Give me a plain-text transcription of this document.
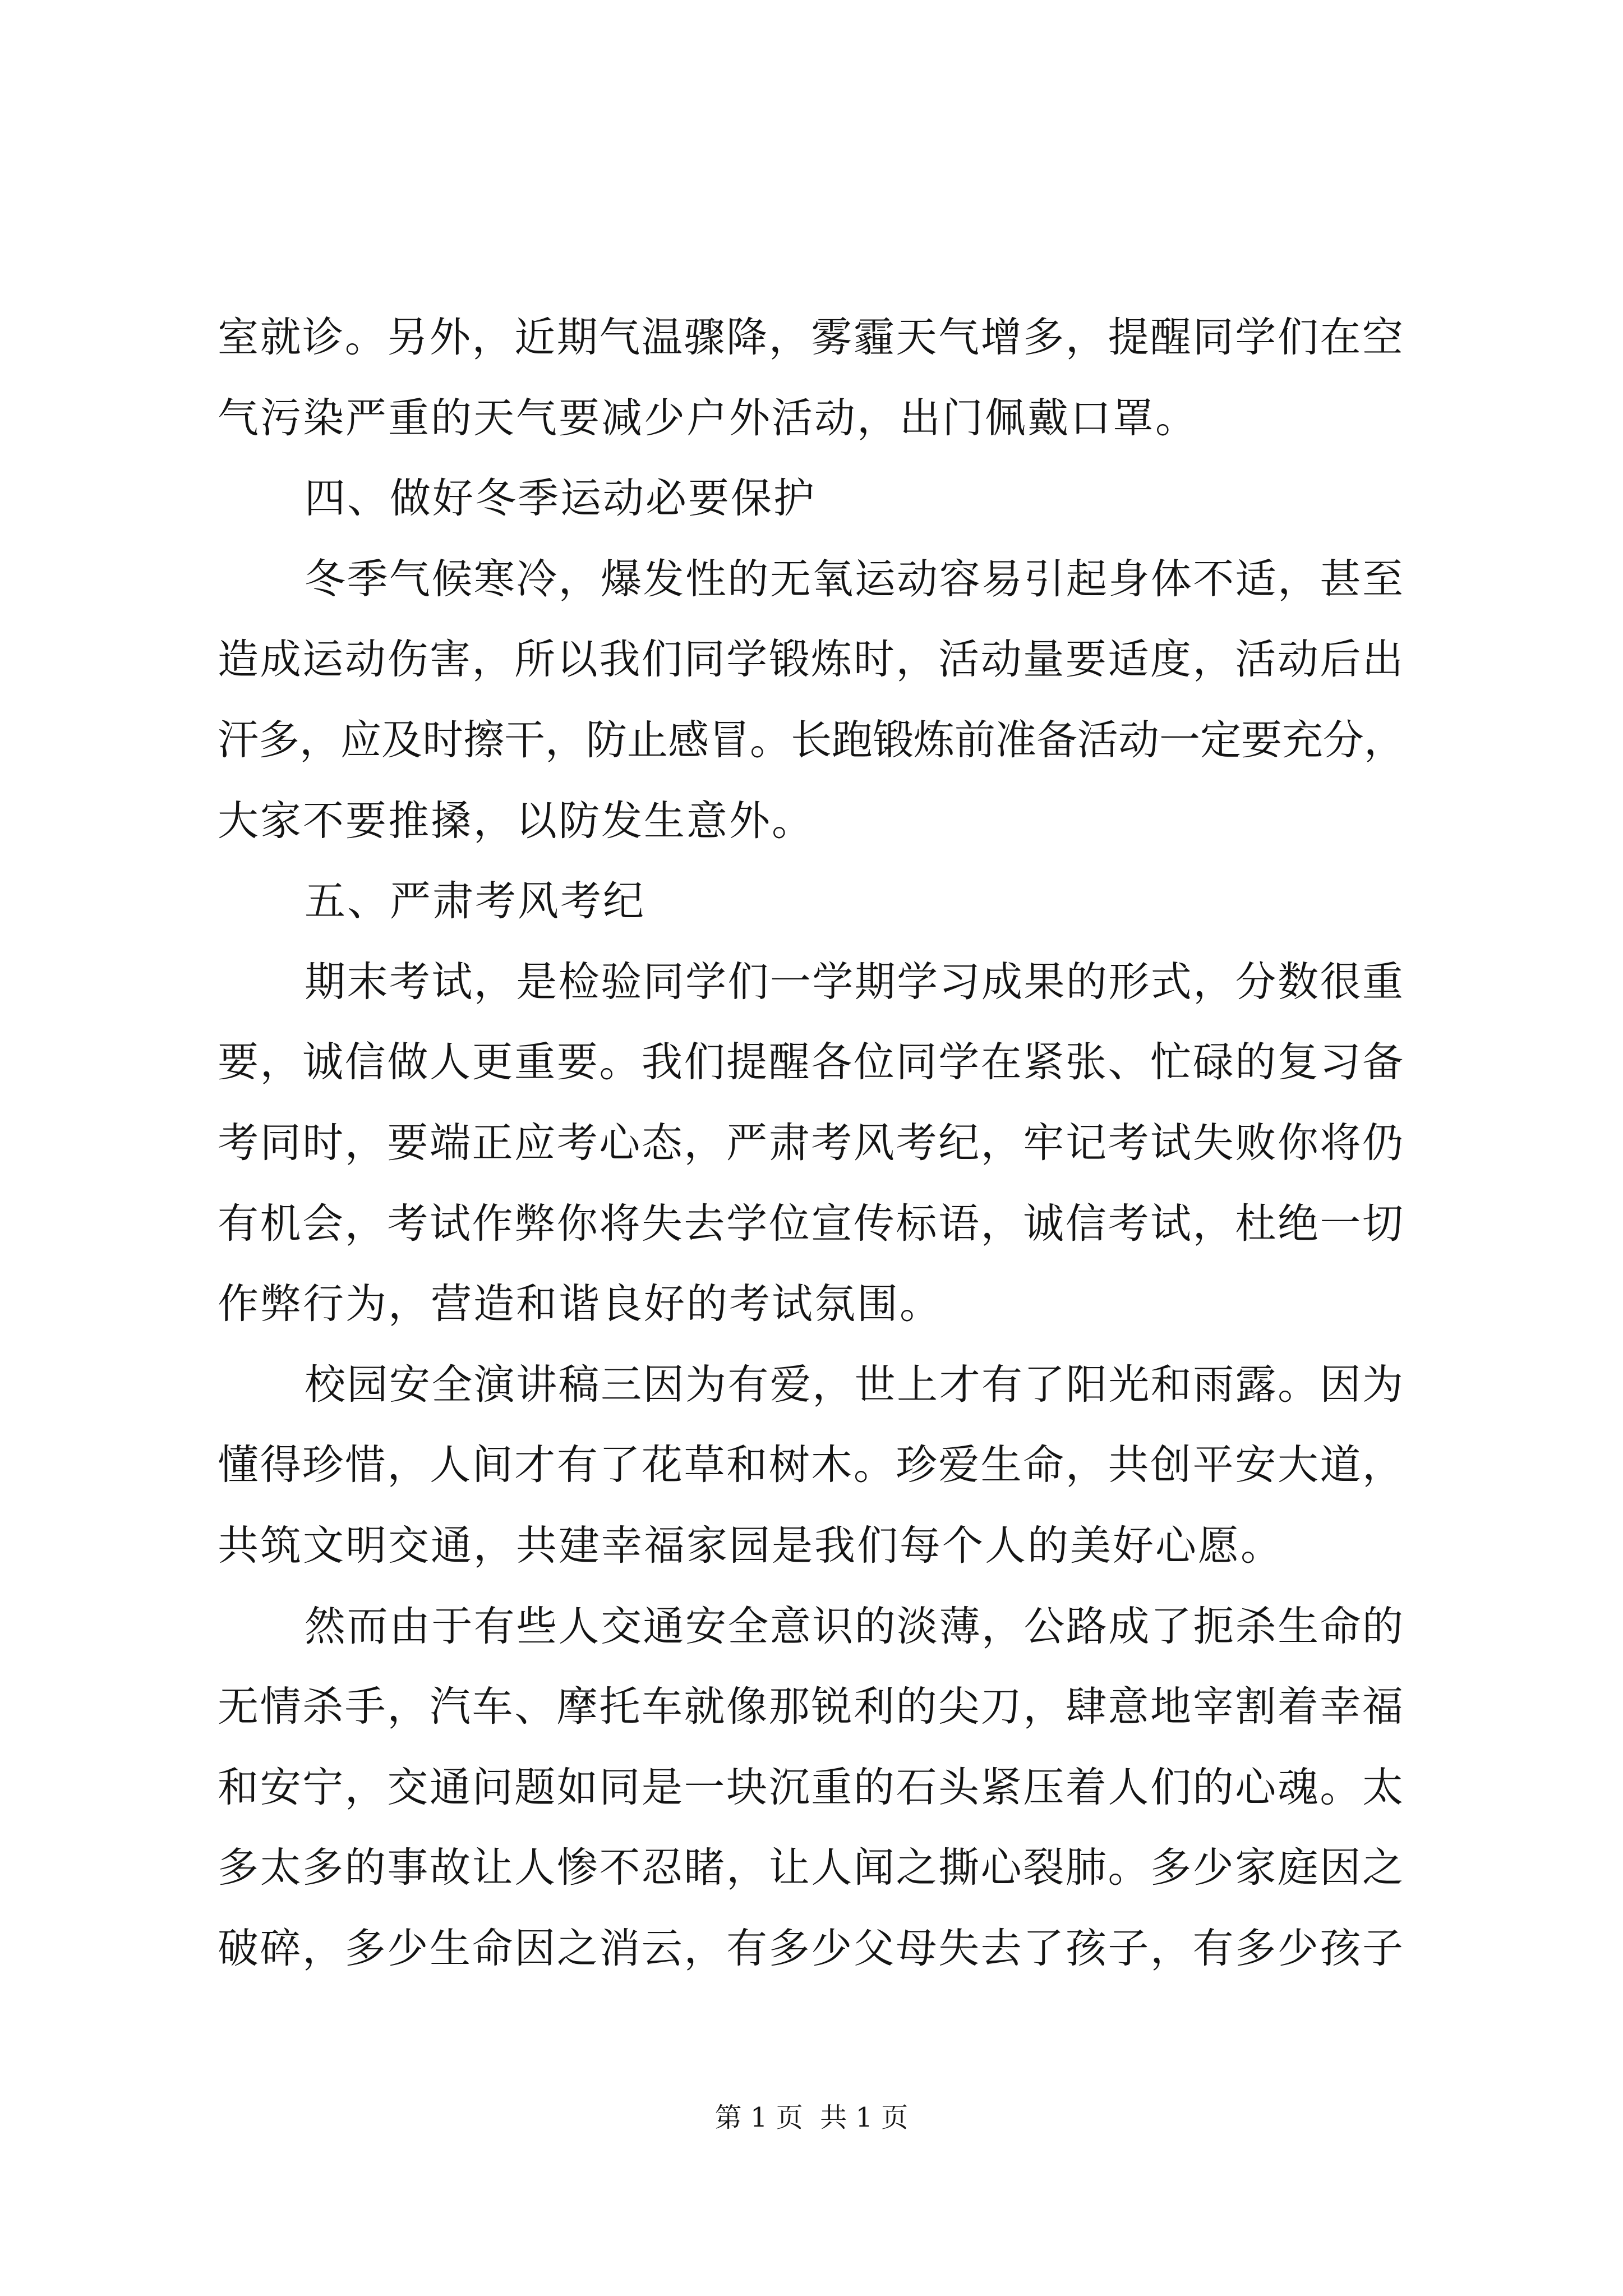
室就诊。另外，近期气温骤降，雾霾天气增多，提醒同学们在空
气污染严重的天气要减少户外活动，出门佩戴口罩。
四、做好冬季运动必要保护
冬季气候寒冷，爆发性的无氧运动容易引起身体不适，甚至
造成运动伤害，所以我们同学锻炼时，活动量要适度，活动后出
汗多，应及时擦干，防止感冒。长跑锻炼前准备活动一定要充分，
大家不要推搡，以防发生意外。
五、严肃考风考纪
期末考试，是检验同学们一学期学习成果的形式，分数很重
要，诚信做人更重要。我们提醒各位同学在紧张、忙碌的复习备
考同时，要端正应考心态，严肃考风考纪，牢记考试失败你将仍
有机会，考试作弊你将失去学位宣传标语，诚信考试，杜绝一切
作弊行为，营造和谐良好的考试氛围。
校园安全演讲稿三因为有爱，世上才有了阳光和雨露。因为
懂得珍惜，人间才有了花草和树木。珍爱生命，共创平安大道，
共筑文明交通，共建幸福家园是我们每个人的美好心愿。
然而由于有些人交通安全意识的淡薄，公路成了扼杀生命的
无情杀手，汽车、摩托车就像那锐利的尖刀，肆意地宰割着幸福
和安宁，交通问题如同是一块沉重的石头紧压着人们的心魂。太
多太多的事故让人惨不忍睹，让人闻之撕心裂肺。多少家庭因之
破碎，多少生命因之消云，有多少父母失去了孩子，有多少孩子
第 1 页  共 1 页
